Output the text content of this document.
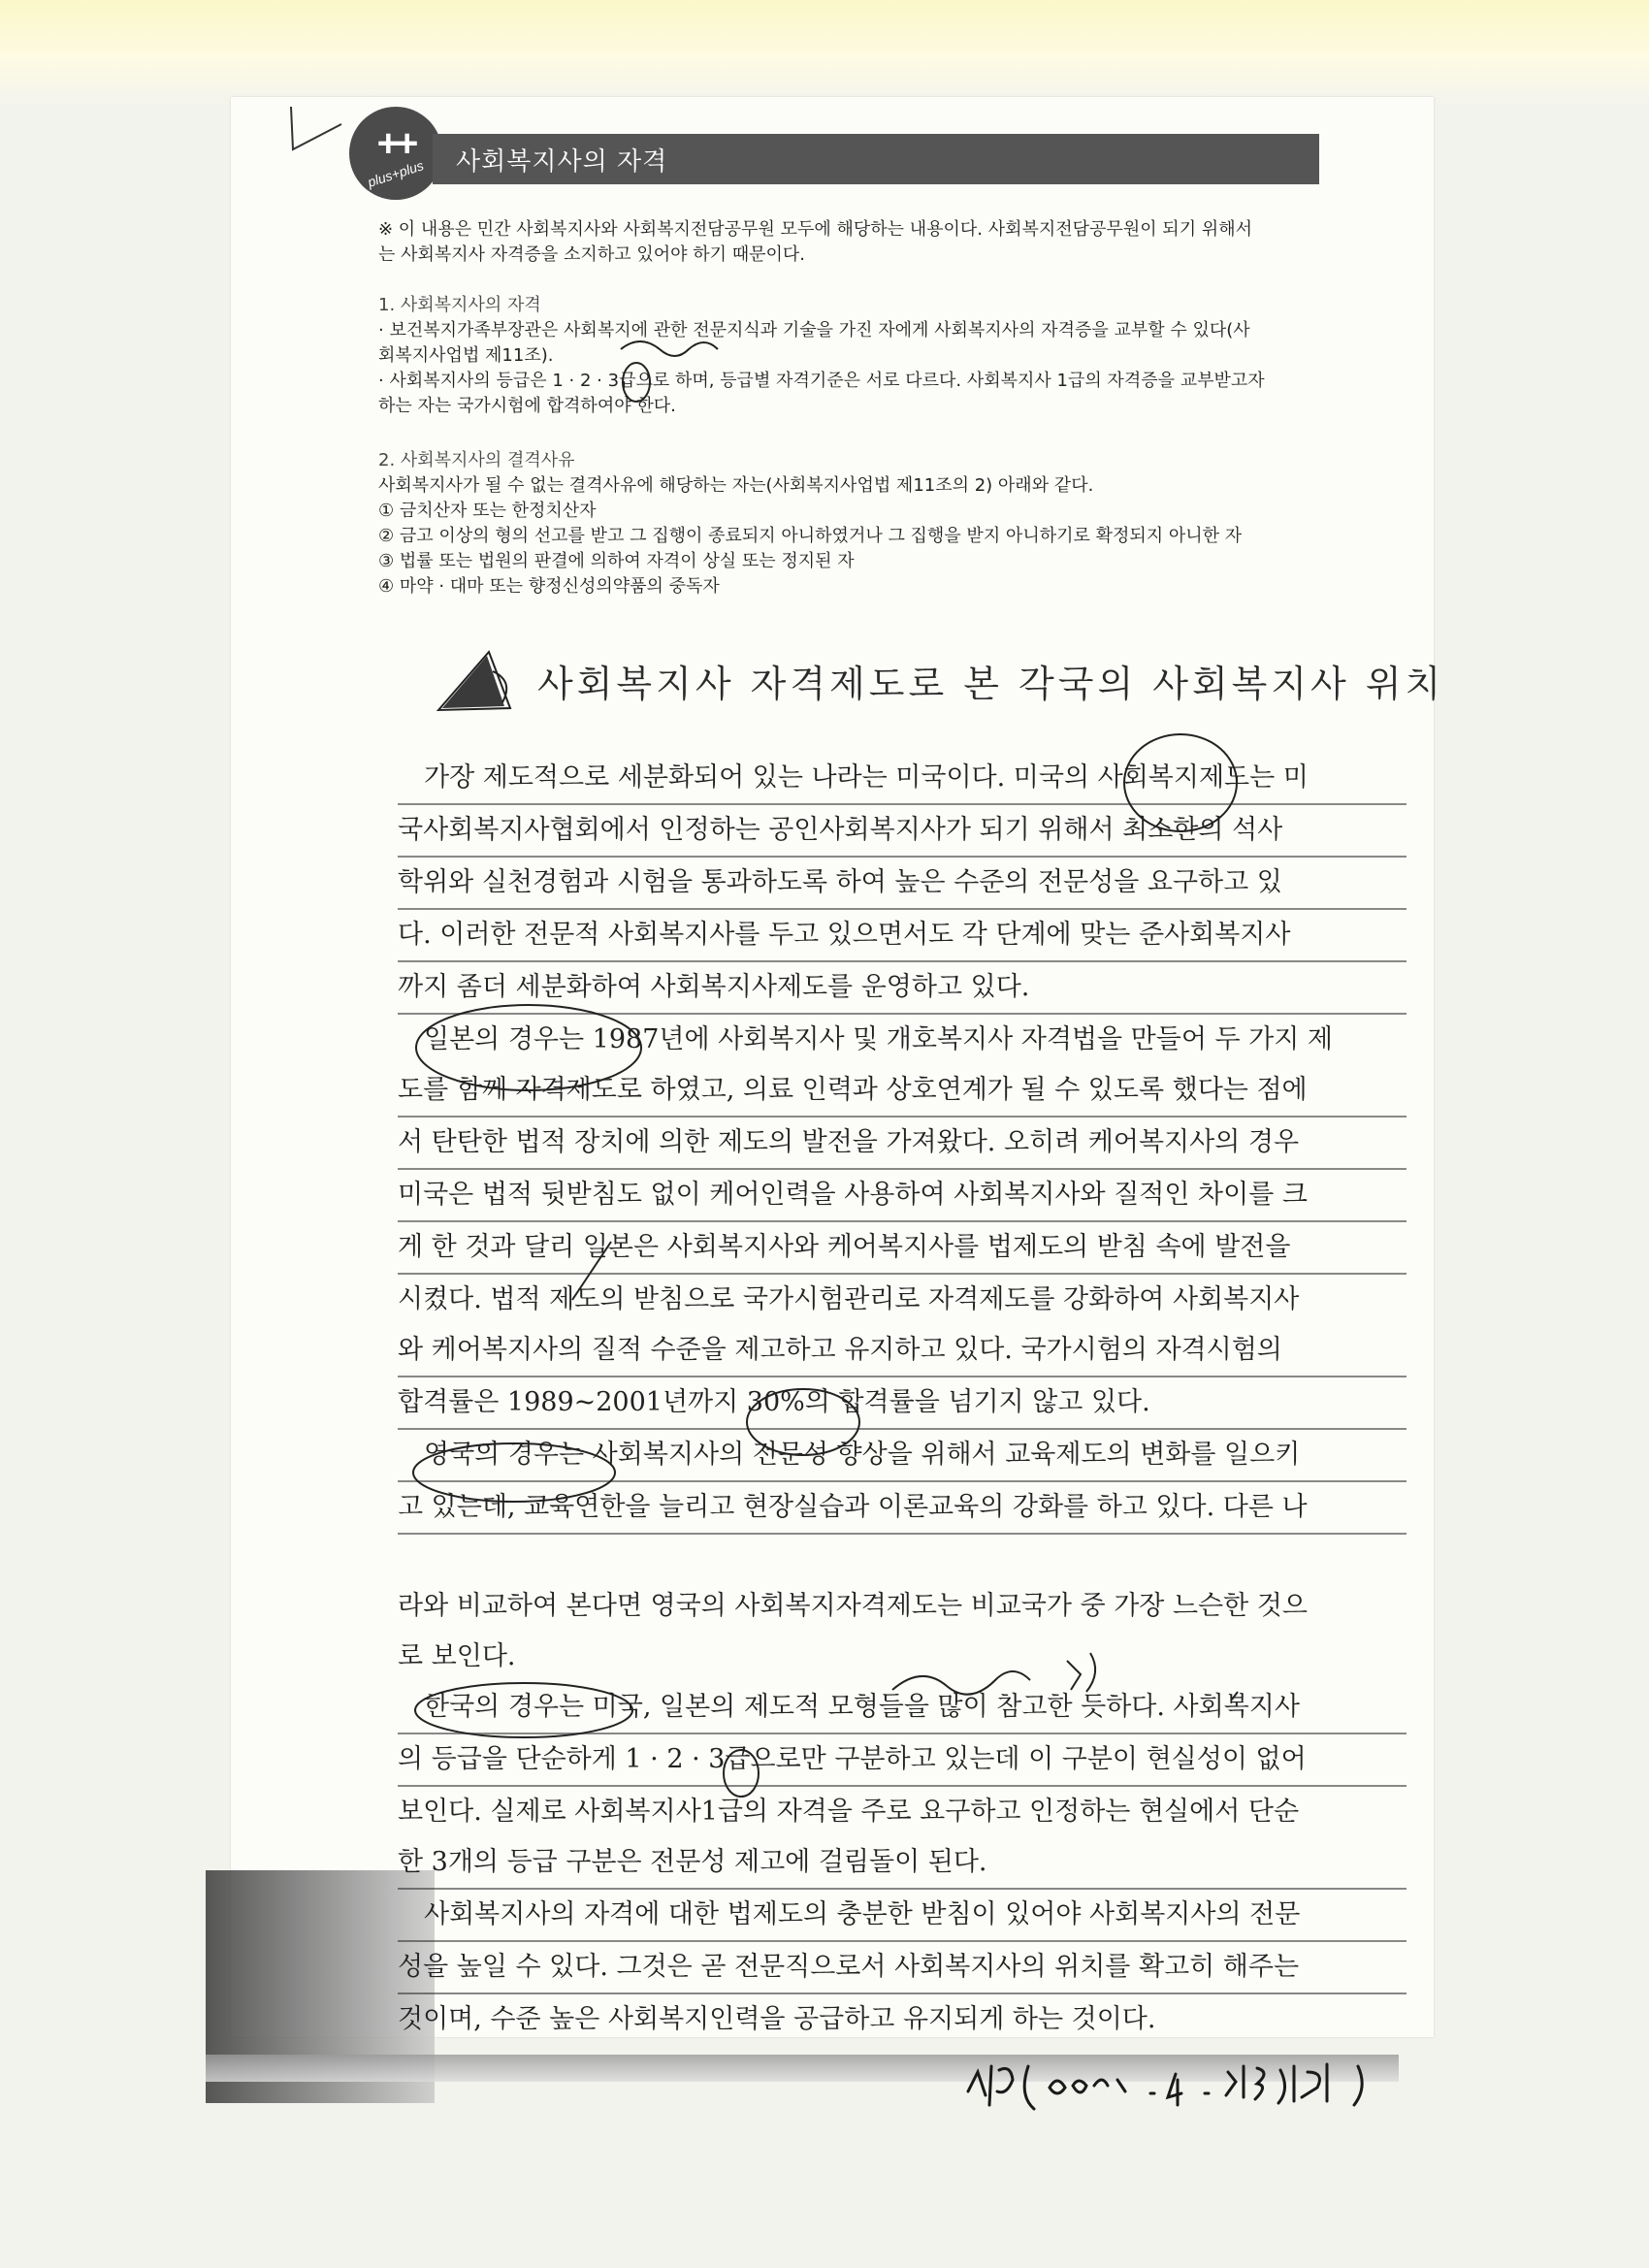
++
plus+plus 사회복지사의 자격

※ 이 내용은 민간 사회복지사와 사회복지전담공무원 모두에 해당하는 내용이다. 사회복지전담공무원이 되기 위해서

는 사회복지사 자격증을 소지하고 있어야 하기 때문이다.

1. 사회복지사의 자격

· 보건복지가족부장관은 사회복지에 관한 전문지식과 기술을 가진 자에게 사회복지사의 자격증을 교부할 수 있다(사

회복지사업법 제11조).

· 사회복지사의 등급은 1 · 2 · 3급으로 하며, 등급별 자격기준은 서로 다르다. 사회복지사 1급의 자격증을 교부받고자

하는 자는 국가시험에 합격하여야 한다.

2. 사회복지사의 결격사유

사회복지사가 될 수 없는 결격사유에 해당하는 자는(사회복지사업법 제11조의 2) 아래와 같다.

① 금치산자 또는 한정치산자

② 금고 이상의 형의 선고를 받고 그 집행이 종료되지 아니하였거나 그 집행을 받지 아니하기로 확정되지 아니한 자

③ 법률 또는 법원의 판결에 의하여 자격이 상실 또는 정지된 자

④ 마약 · 대마 또는 향정신성의약품의 중독자

사회복지사 자격제도로 본 각국의 사회복지사 위치
　가장 제도적으로 세분화되어 있는 나라는 미국이다. 미국의 사회복지제도는 미
국사회복지사협회에서 인정하는 공인사회복지사가 되기 위해서 최소한의 석사
학위와 실천경험과 시험을 통과하도록 하여 높은 수준의 전문성을 요구하고 있
다. 이러한 전문적 사회복지사를 두고 있으면서도 각 단계에 맞는 준사회복지사
까지 좀더 세분화하여 사회복지사제도를 운영하고 있다.
　일본의 경우는 1987년에 사회복지사 및 개호복지사 자격법을 만들어 두 가지 제
도를 함께 자격제도로 하였고, 의료 인력과 상호연계가 될 수 있도록 했다는 점에
서 탄탄한 법적 장치에 의한 제도의 발전을 가져왔다. 오히려 케어복지사의 경우
미국은 법적 뒷받침도 없이 케어인력을 사용하여 사회복지사와 질적인 차이를 크
게 한 것과 달리 일본은 사회복지사와 케어복지사를 법제도의 받침 속에 발전을
시켰다. 법적 제도의 받침으로 국가시험관리로 자격제도를 강화하여 사회복지사
와 케어복지사의 질적 수준을 제고하고 유지하고 있다. 국가시험의 자격시험의
합격률은 1989~2001년까지 30%의 합격률을 넘기지 않고 있다.
　영국의 경우는 사회복지사의 전문성 향상을 위해서 교육제도의 변화를 일으키
고 있는데, 교육연한을 늘리고 현장실습과 이론교육의 강화를 하고 있다. 다른 나
라와 비교하여 본다면 영국의 사회복지자격제도는 비교국가 중 가장 느슨한 것으
로 보인다.
　한국의 경우는 미국, 일본의 제도적 모형들을 많이 참고한 듯하다. 사회복지사
의 등급을 단순하게 1 · 2 · 3급으로만 구분하고 있는데 이 구분이 현실성이 없어
보인다. 실제로 사회복지사1급의 자격을 주로 요구하고 인정하는 현실에서 단순
한 3개의 등급 구분은 전문성 제고에 걸림돌이 된다.
　사회복지사의 자격에 대한 법제도의 충분한 받침이 있어야 사회복지사의 전문
성을 높일 수 있다. 그것은 곧 전문직으로서 사회복지사의 위치를 확고히 해주는
것이며, 수준 높은 사회복지인력을 공급하고 유지되게 하는 것이다.
